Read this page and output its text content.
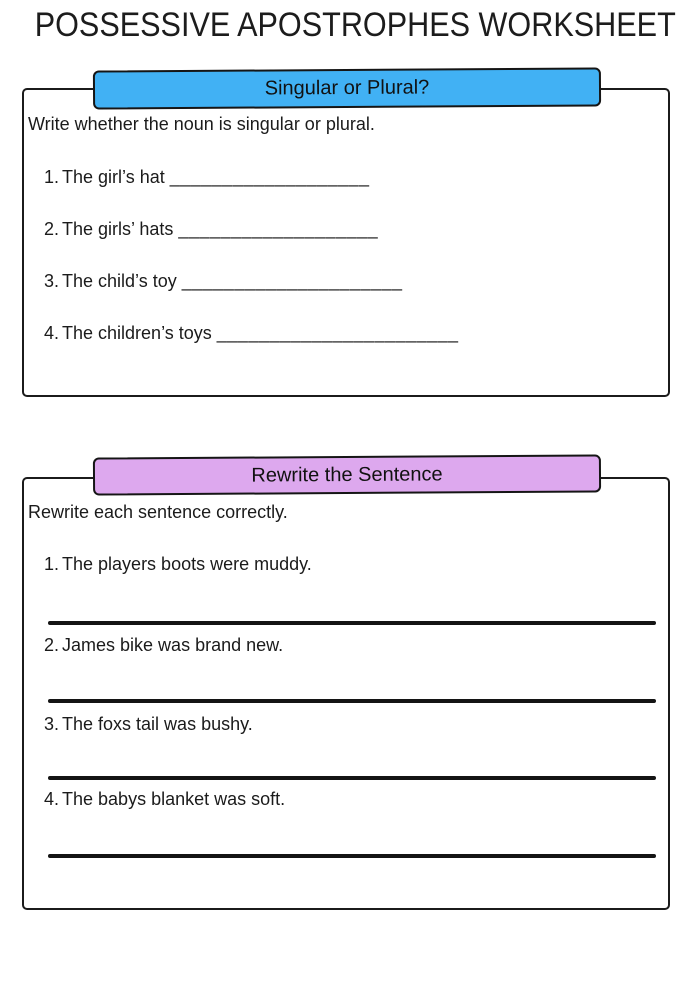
POSSESSIVE APOSTROPHES WORKSHEET
Singular or Plural?
Write whether the noun is singular or plural.
1. The girl’s hat ___________________
2. The girls’ hats ___________________
3. The child’s toy _____________________
4. The children’s toys _______________________
Rewrite the Sentence
Rewrite each sentence correctly.
1. The players boots were muddy.
2. James bike was brand new.
3. The foxs tail was bushy.
4. The babys blanket was soft.
